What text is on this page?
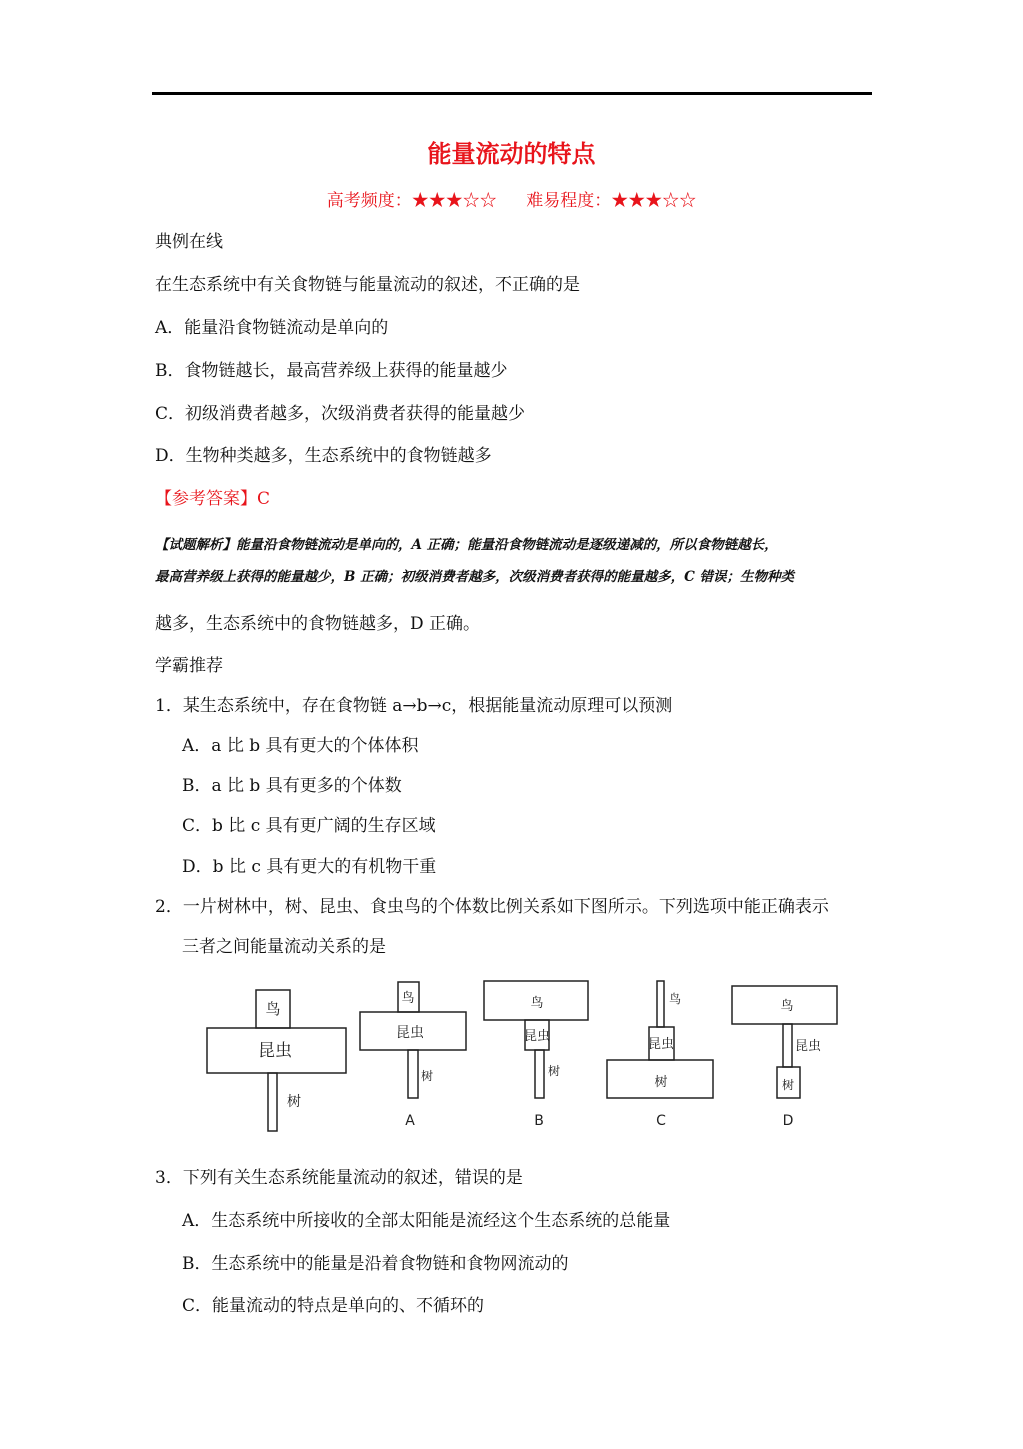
能量流动的特点
高考频度：★★★☆☆ 难易程度：★★★☆☆
典例在线
在生态系统中有关食物链与能量流动的叙述，不正确的是
A．能量沿食物链流动是单向的
B．食物链越长，最高营养级上获得的能量越少
C．初级消费者越多，次级消费者获得的能量越少
D．生物种类越多，生态系统中的食物链越多
【参考答案】C
【试题解析】能量沿食物链流动是单向的，A 正确；能量沿食物链流动是逐级递减的，所以食物链越长，
最高营养级上获得的能量越少，B 正确；初级消费者越多，次级消费者获得的能量越多，C 错误；生物种类
越多，生态系统中的食物链越多，D 正确。
学霸推荐
1．某生态系统中，存在食物链 a→b→c，根据能量流动原理可以预测
A．a 比 b 具有更大的个体体积
B．a 比 b 具有更多的个体数
C．b 比 c 具有更广阔的生存区域
D．b 比 c 具有更大的有机物干重
2．一片树林中，树、昆虫、食虫鸟的个体数比例关系如下图所示。下列选项中能正确表示
三者之间能量流动关系的是
鸟
昆虫
树
鸟
昆虫
树
A
鸟
昆虫
树
B
鸟
昆虫
树
C
鸟
昆虫
树
D
3．下列有关生态系统能量流动的叙述，错误的是
A．生态系统中所接收的全部太阳能是流经这个生态系统的总能量
B．生态系统中的能量是沿着食物链和食物网流动的
C．能量流动的特点是单向的、不循环的
